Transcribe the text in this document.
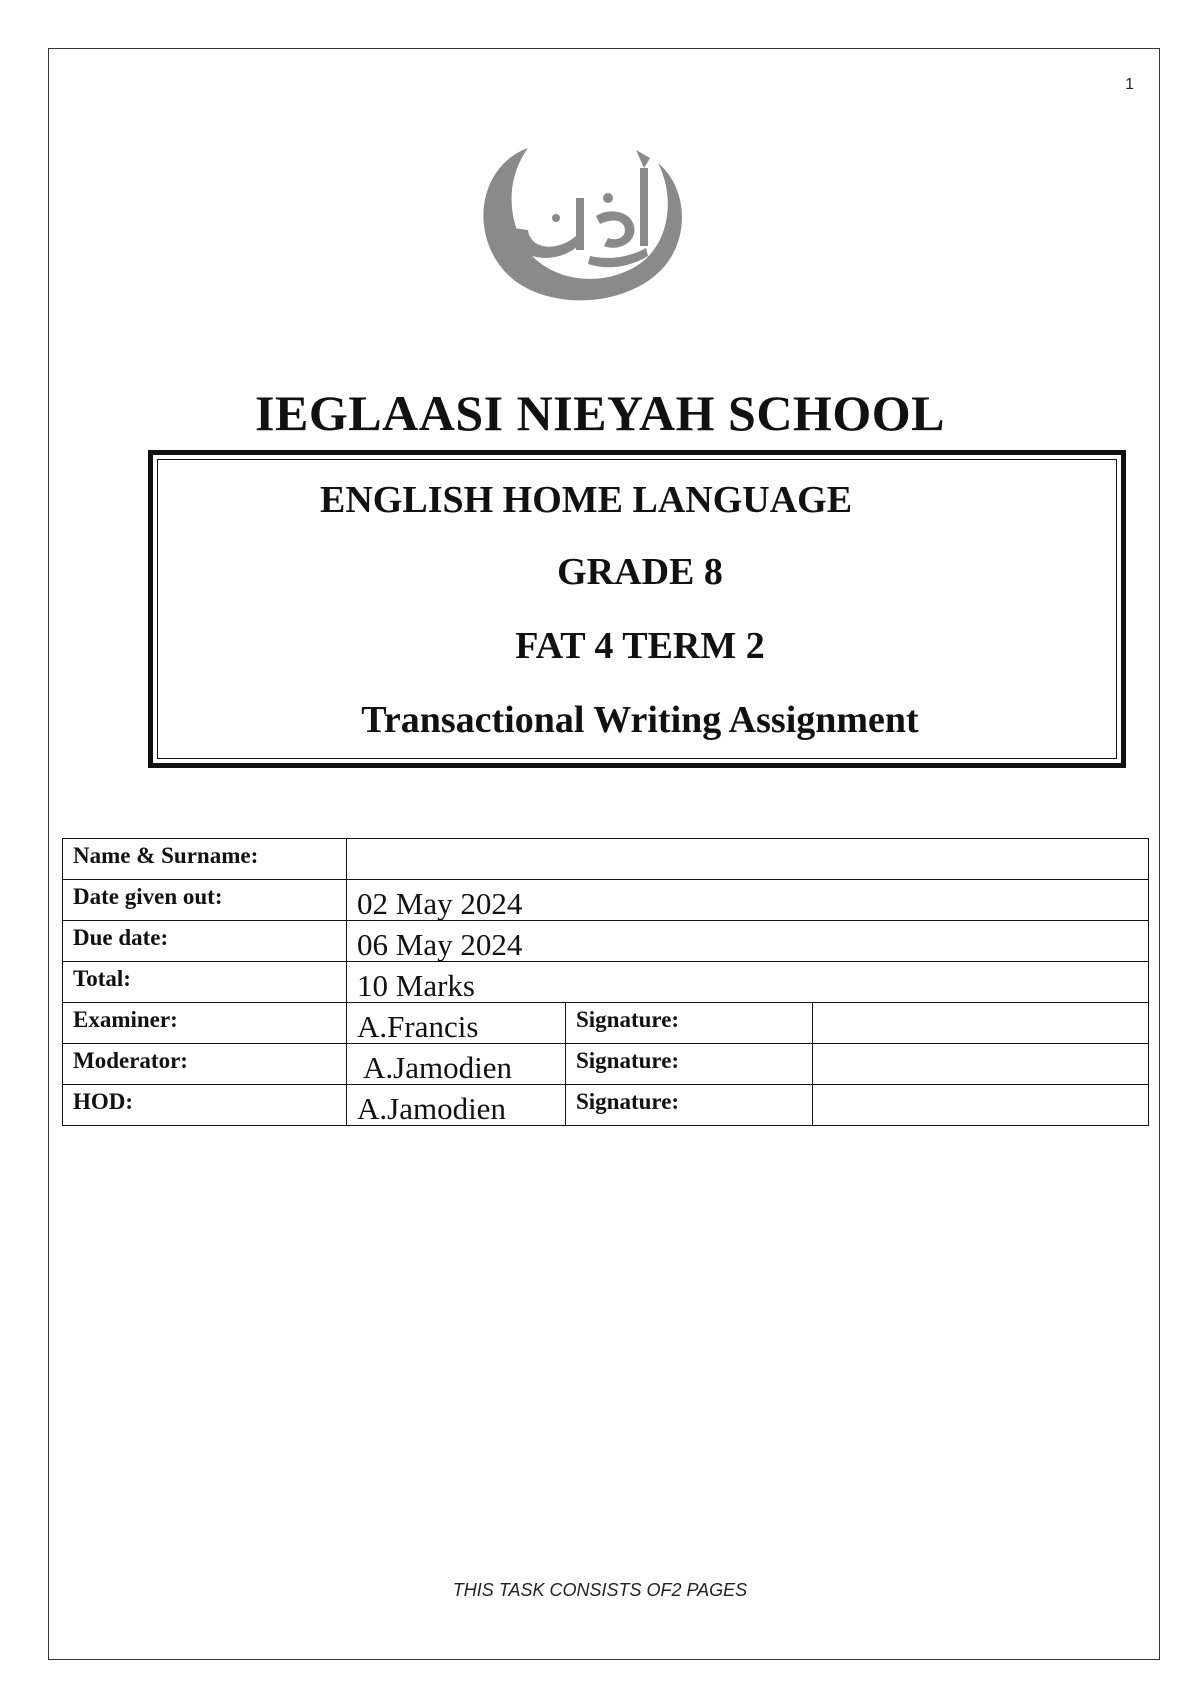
1
IEGLAASI NIEYAH SCHOOL
ENGLISH HOME LANGUAGE
GRADE 8
FAT 4 TERM 2
Transactional Writing Assignment
Name & Surname:			
Date given out:	02 May 2024		
Due date:	06 May 2024		
Total:	10 Marks		
Examiner:	A.Francis	Signature:	
Moderator:	A.Jamodien	Signature:	
HOD:	A.Jamodien	Signature:	
THIS TASK CONSISTS OF2 PAGES
